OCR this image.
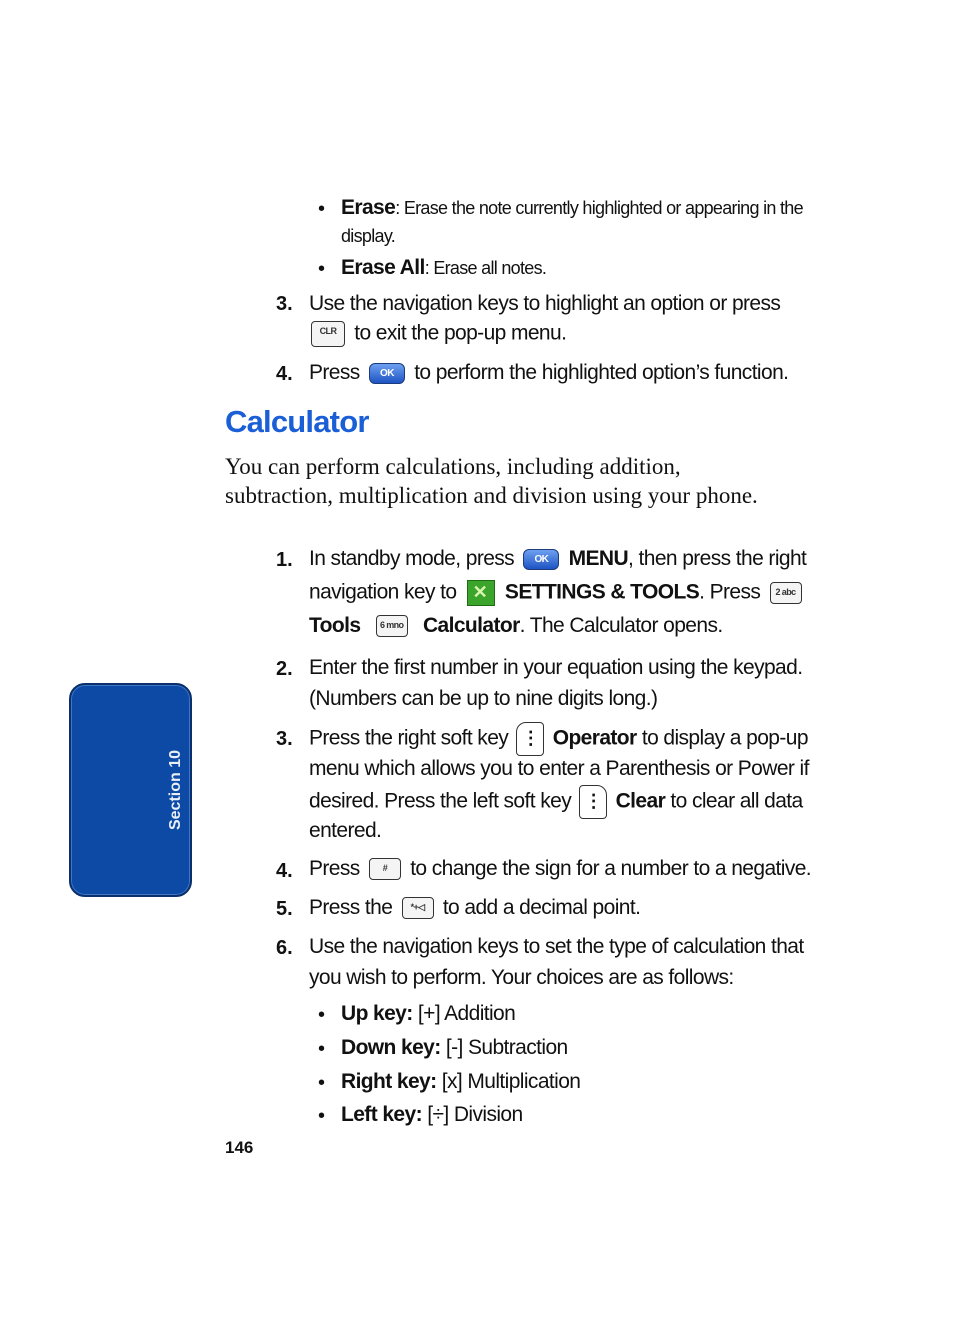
• Erase: Erase the note currently highlighted or appearing in the
display.
• Erase All: Erase all notes.
3. Use the navigation keys to highlight an option or press
CLR to exit the pop-up menu.
4. Press OK to perform the highlighted option’s function.
Calculator
You can perform calculations, including addition, subtraction, multiplication and division using your phone.
1. In standby mode, press OK MENU, then press the right
navigation key to ✕ SETTINGS & TOOLS. Press 2 abc
Tools 6 mno Calculator. The Calculator opens.
2. Enter the first number in your equation using the keypad.
(Numbers can be up to nine digits long.)
3. Press the right soft key ⋮ Operator to display a pop-up
menu which allows you to enter a Parenthesis or Power if
desired. Press the left soft key ⋮ Clear to clear all data
entered.
4. Press	# to change the sign for a number to a negative.
5. Press the *+◁ to add a decimal point.
6. Use the navigation keys to set the type of calculation that
you wish to perform. Your choices are as follows:
• Up key: [+] Addition
• Down key: [-] Subtraction
• Right key: [x] Multiplication
• Left key: [÷] Division
Section 10
146
